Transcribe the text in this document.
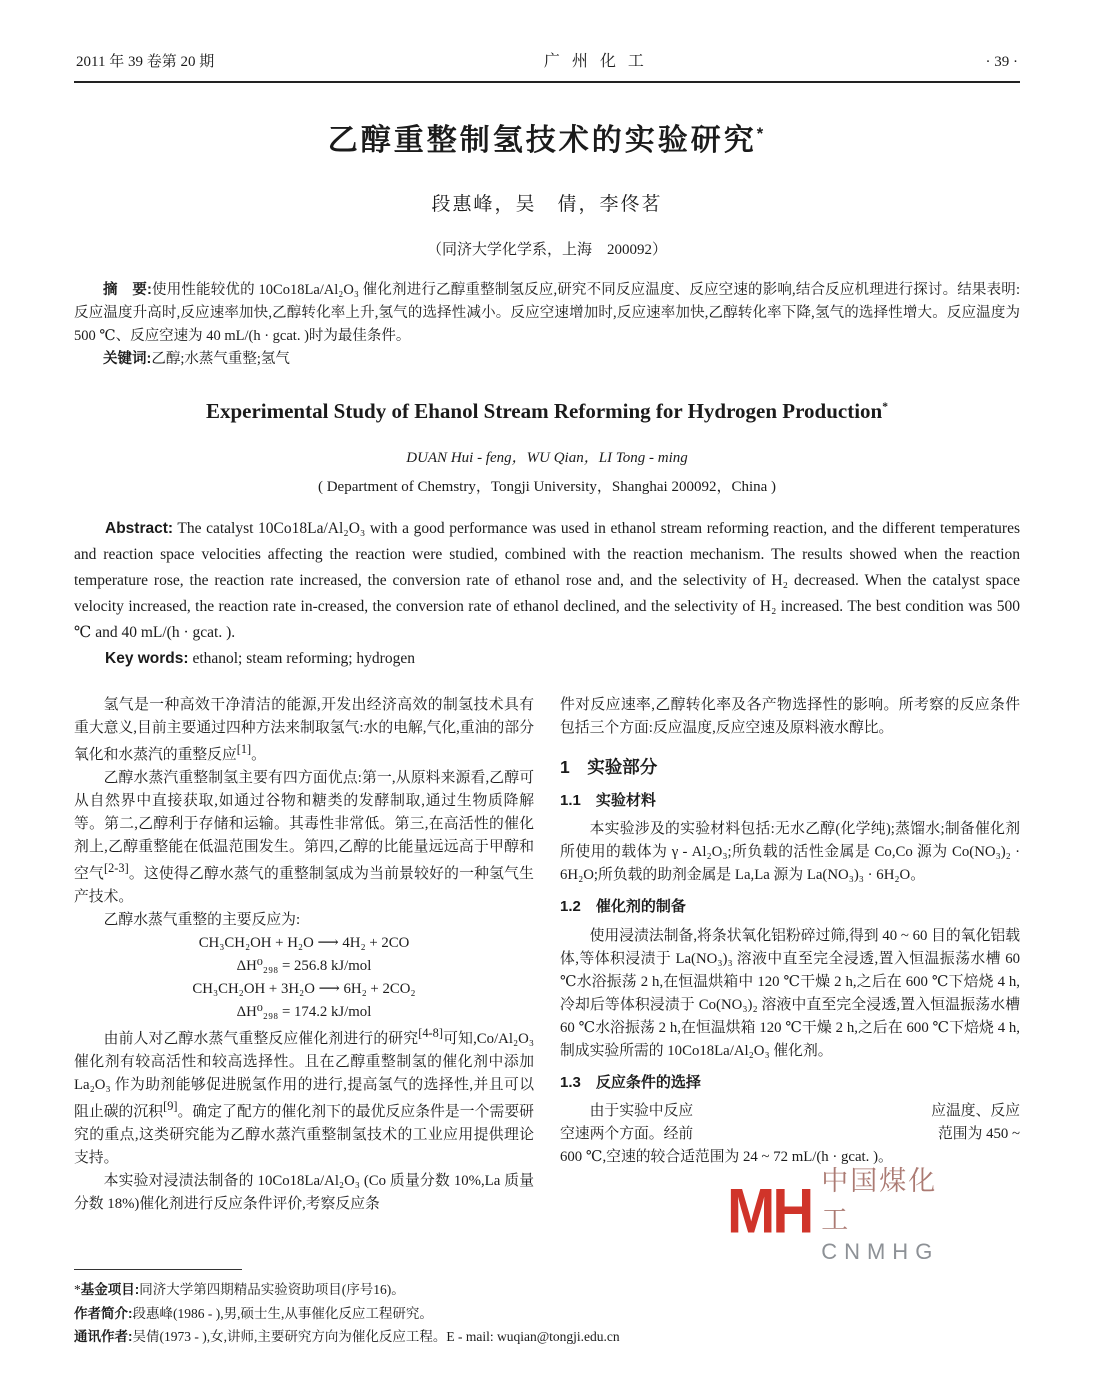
2011 年 39 卷第 20 期	广州化工	· 39 ·
乙醇重整制氢技术的实验研究*
段惠峰，吴　倩，李佟茗
（同济大学化学系，上海　200092）

摘　要:使用性能较优的 10Co18La/Al₂O₃ 催化剂进行乙醇重整制氢反应,研究不同反应温度、反应空速的影响,结合反应机理进行探讨。结果表明:反应温度升高时,反应速率加快,乙醇转化率上升,氢气的选择性减小。反应空速增加时,反应速率加快,乙醇转化率下降,氢气的选择性增大。反应温度为 500 ℃、反应空速为 40 mL/(h · gcat. )时为最佳条件。

关键词:乙醇;水蒸气重整;氢气

Experimental Study of Ehanol Stream Reforming for Hydrogen Production*
DUAN Hui - feng，WU Qian，LI Tong - ming
( Department of Chemstry，Tongji University，Shanghai 200092，China )

Abstract: The catalyst 10Co18La/Al₂O₃ with a good performance was used in ethanol stream reforming reaction, and the different temperatures and reaction space velocities affecting the reaction were studied, combined with the reaction mechanism. The results showed when the reaction temperature rose, the reaction rate increased, the conversion rate of ethanol rose and, and the selectivity of H₂ decreased. When the catalyst space velocity increased, the reaction rate in-creased, the conversion rate of ethanol declined, and the selectivity of H₂ increased. The best condition was 500 ℃ and 40 mL/(h · gcat. ).

Key words: ethanol; steam reforming; hydrogen

氢气是一种高效干净清洁的能源,开发出经济高效的制氢技术具有重大意义,目前主要通过四种方法来制取氢气:水的电解,气化,重油的部分氧化和水蒸汽的重整反应[1]。

乙醇水蒸汽重整制氢主要有四方面优点:第一,从原料来源看,乙醇可从自然界中直接获取,如通过谷物和糖类的发酵制取,通过生物质降解等。第二,乙醇利于存储和运输。其毒性非常低。第三,在高活性的催化剂上,乙醇重整能在低温范围发生。第四,乙醇的比能量远远高于甲醇和空气[2-3]。这使得乙醇水蒸气的重整制氢成为当前景较好的一种氢气生产技术。

乙醇水蒸气重整的主要反应为:

CH₃CH₂OH + H₂O ⟶ 4H₂ + 2CO
ΔH⁰₂₉₈ = 256.8 kJ/mol
CH₃CH₂OH + 3H₂O ⟶ 6H₂ + 2CO₂
ΔH⁰₂₉₈ = 174.2 kJ/mol

由前人对乙醇水蒸气重整反应催化剂进行的研究[4-8]可知,Co/Al₂O₃ 催化剂有较高活性和较高选择性。且在乙醇重整制氢的催化剂中添加 La₂O₃ 作为助剂能够促进脱氢作用的进行,提高氢气的选择性,并且可以阻止碳的沉积[9]。确定了配方的催化剂下的最优反应条件是一个需要研究的重点,这类研究能为乙醇水蒸汽重整制氢技术的工业应用提供理论支持。

本实验对浸渍法制备的 10Co18La/Al₂O₃ (Co 质量分数 10%,La 质量分数 18%)催化剂进行反应条件评价,考察反应条

件对反应速率,乙醇转化率及各产物选择性的影响。所考察的反应条件包括三个方面:反应温度,反应空速及原料液水醇比。

1　实验部分
1.1　实验材料

本实验涉及的实验材料包括:无水乙醇(化学纯);蒸馏水;制备催化剂所使用的载体为 γ - Al₂O₃;所负载的活性金属是 Co,Co 源为 Co(NO₃)₂ · 6H₂O;所负载的助剂金属是 La,La 源为 La(NO₃)₃ · 6H₂O。

1.2　催化剂的制备

使用浸渍法制备,将条状氧化铝粉碎过筛,得到 40 ~ 60 目的氧化铝载体,等体积浸渍于 La(NO₃)₃ 溶液中直至完全浸透,置入恒温振荡水槽 60 ℃水浴振荡 2 h,在恒温烘箱中 120 ℃干燥 2 h,之后在 600 ℃下焙烧 4 h,冷却后等体积浸渍于 Co(NO₃)₂ 溶液中直至完全浸透,置入恒温振荡水槽 60 ℃水浴振荡 2 h,在恒温烘箱 120 ℃干燥 2 h,之后在 600 ℃下焙烧 4 h,制成实验所需的 10Co18La/Al₂O₃ 催化剂。

1.3　反应条件的选择
由于实验中反应	应温度、反应
空速两个方面。经前	范围为 450 ~
600 ℃,空速的较合适范围为 24 ~ 72 mL/(h · gcat. )。
*基金项目:同济大学第四期精品实验资助项目(序号16)。
作者简介:段惠峰(1986 - ),男,硕士生,从事催化反应工程研究。
通讯作者:吴倩(1973 - ),女,讲师,主要研究方向为催化反应工程。E - mail: wuqian@tongji.edu.cn
MH 中国煤化工
CNMHG
